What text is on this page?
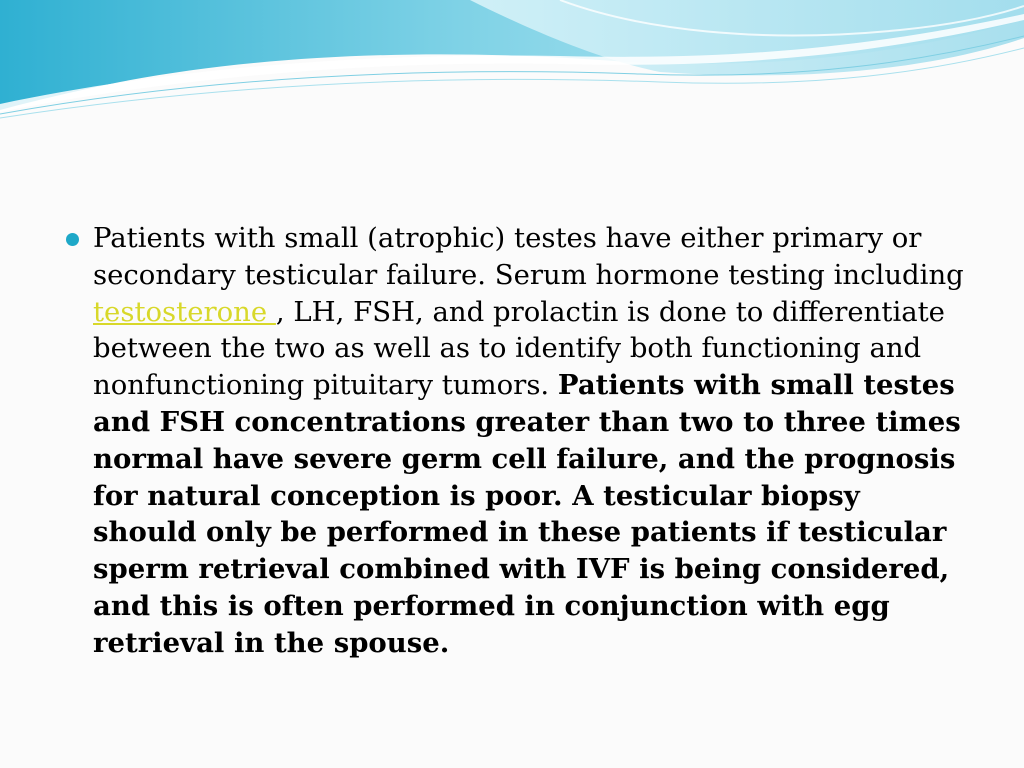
Patients with small (atrophic) testes have either primary or secondary testicular failure. Serum hormone testing including testosterone , LH, FSH, and prolactin is done to differentiate between the two as well as to identify both functioning and nonfunctioning pituitary tumors. Patients with small testes and FSH concentrations greater than two to three times normal have severe germ cell failure, and the prognosis for natural conception is poor. A testicular biopsy should only be performed in these patients if testicular sperm retrieval combined with IVF is being considered, and this is often performed in conjunction with egg retrieval in the spouse.
